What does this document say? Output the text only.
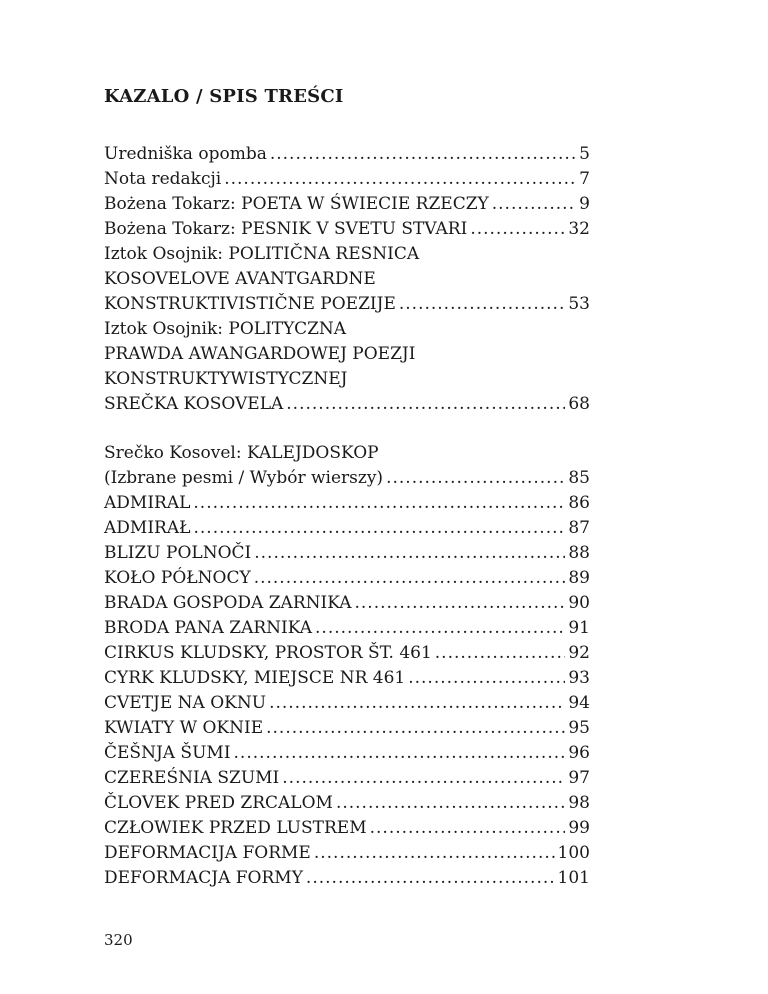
KAZALO / SPIS TREŚCI
Uredniška opomba .....	5
Nota redakcji .....	7
Bożena Tokarz: POETA W ŚWIECIE RZECZY .....	9
Bożena Tokarz: PESNIK V SVETU STVARI .....	32
Iztok Osojnik: POLITIČNA RESNICA
KOSOVELOVE AVANTGARDNE
KONSTRUKTIVISTIČNE POEZIJE .....	53
Iztok Osojnik: POLITYCZNA
PRAWDA AWANGARDOWEJ POEZJI
KONSTRUKTYWISTYCZNEJ
SREČKA KOSOVELA .....	68
Srečko Kosovel: KALEJDOSKOP
(Izbrane pesmi / Wybór wierszy) .....	85
ADMIRAL .....	86
ADMIRAŁ .....	87
BLIZU POLNOČI .....	88
KOŁO PÓŁNOCY .....	89
BRADA GOSPODA ZARNIKA .....	90
BRODA PANA ZARNIKA .....	91
CIRKUS KLUDSKY, PROSTOR ŠT. 461 .....	92
CYRK KLUDSKY, MIEJSCE NR 461 .....	93
CVETJE NA OKNU .....	94
KWIATY W OKNIE .....	95
ČEŠNJA ŠUMI .....	96
CZEREŚNIA SZUMI .....	97
ČLOVEK PRED ZRCALOM .....	98
CZŁOWIEK PRZED LUSTREM .....	99
DEFORMACIJA FORME .....	100
DEFORMACJA FORMY .....	101
320
